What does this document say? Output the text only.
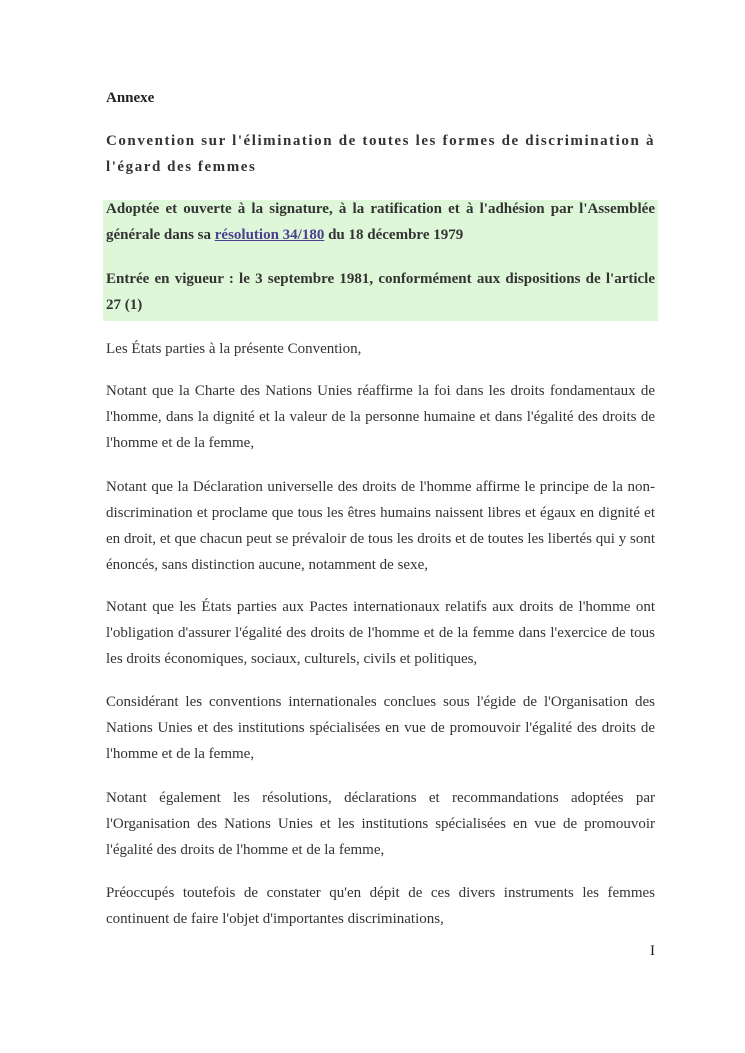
Annexe

Convention sur l'élimination de toutes les formes de discrimination à l'égard des femmes

Adoptée et ouverte à la signature, à la ratification et à l'adhésion par l'Assemblée générale dans sa résolution 34/180 du 18 décembre 1979

Entrée en vigueur : le 3 septembre 1981, conformément aux dispositions de l'article 27 (1)

Les États parties à la présente Convention,

Notant que la Charte des Nations Unies réaffirme la foi dans les droits fondamentaux de l'homme, dans la dignité et la valeur de la personne humaine et dans l'égalité des droits de l'homme et de la femme,

Notant que la Déclaration universelle des droits de l'homme affirme le principe de la non-discrimination et proclame que tous les êtres humains naissent libres et égaux en dignité et en droit, et que chacun peut se prévaloir de tous les droits et de toutes les libertés qui y sont énoncés, sans distinction aucune, notamment de sexe,

Notant que les États parties aux Pactes internationaux relatifs aux droits de l'homme ont l'obligation d'assurer l'égalité des droits de l'homme et de la femme dans l'exercice de tous les droits économiques, sociaux, culturels, civils et politiques,

Considérant les conventions internationales conclues sous l'égide de l'Organisation des Nations Unies et des institutions spécialisées en vue de promouvoir l'égalité des droits de l'homme et de la femme,

Notant également les résolutions, déclarations et recommandations adoptées par l'Organisation des Nations Unies et les institutions spécialisées en vue de promouvoir l'égalité des droits de l'homme et de la femme,

Préoccupés toutefois de constater qu'en dépit de ces divers instruments les femmes continuent de faire l'objet d'importantes discriminations,

I
